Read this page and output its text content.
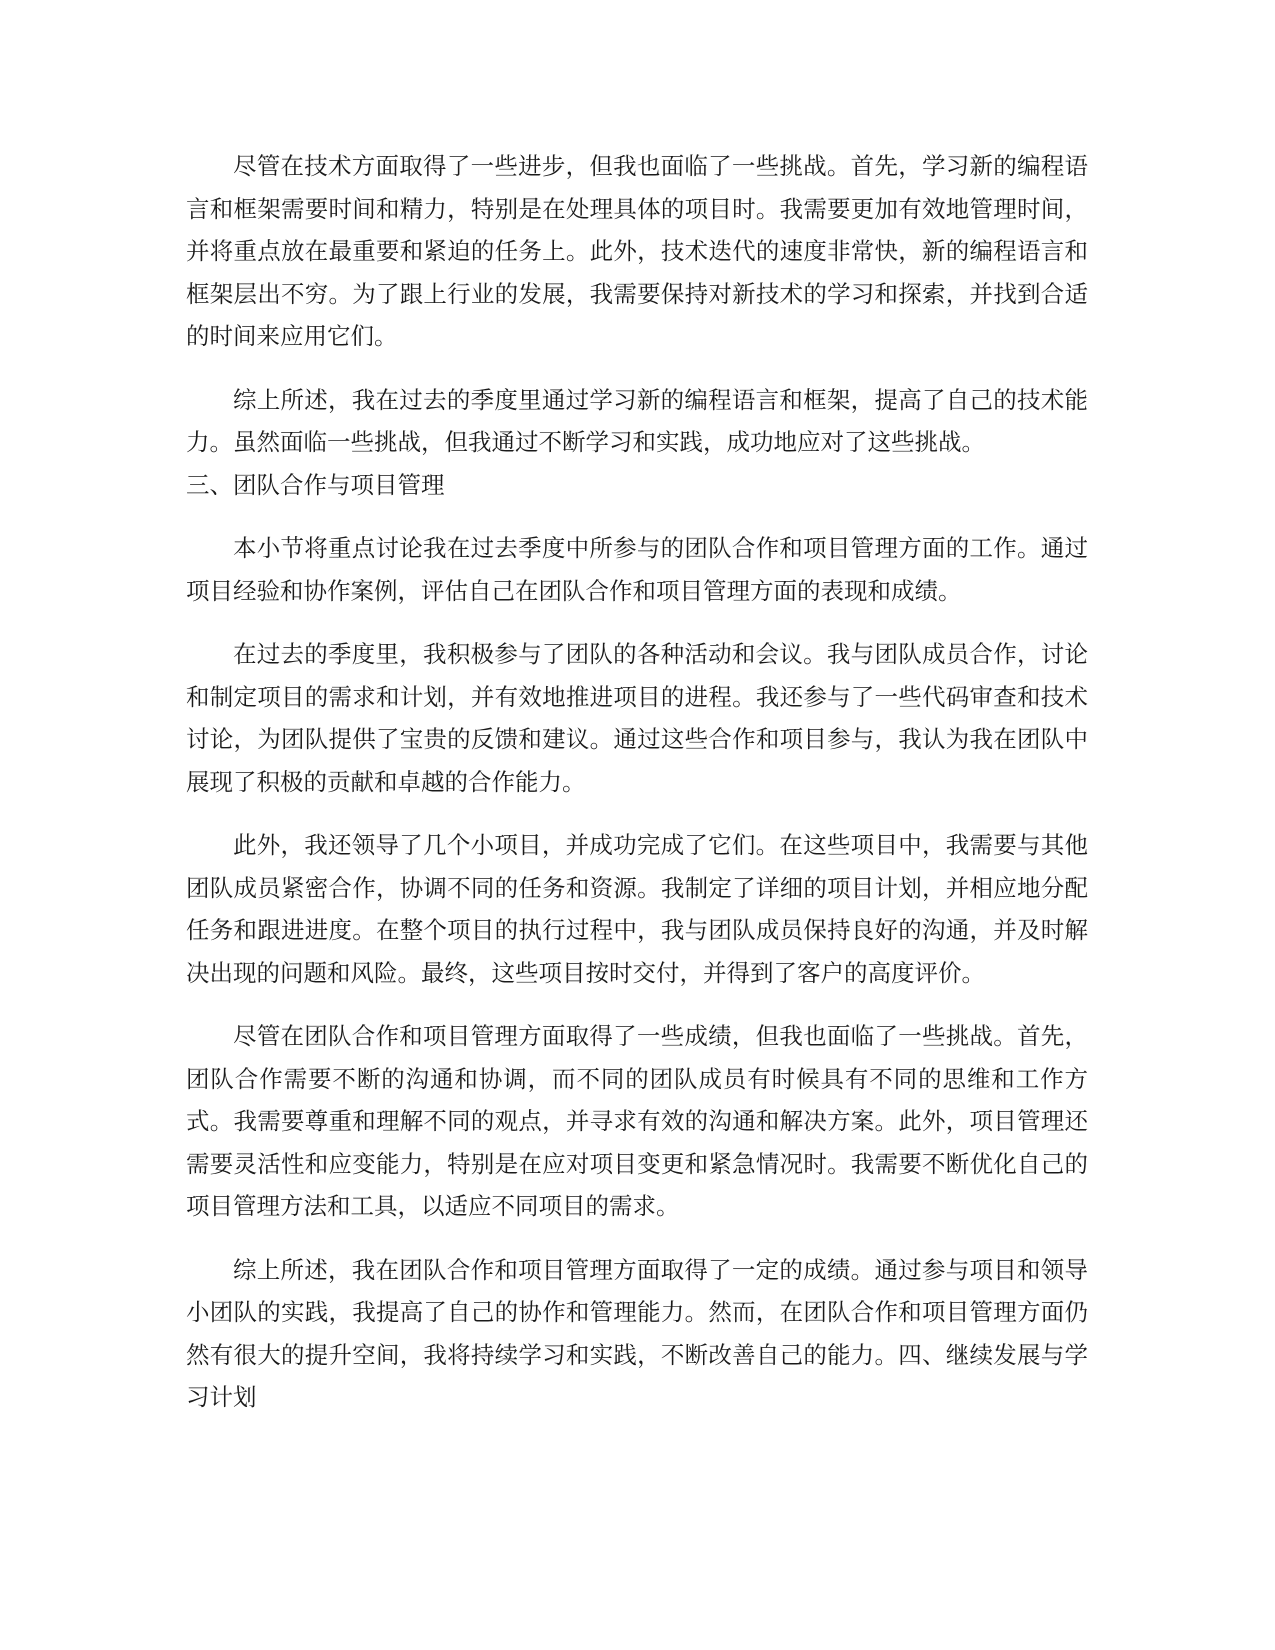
尽管在技术方面取得了一些进步，但我也面临了一些挑战。首先，学习新的编程语言和框架需要时间和精力，特别是在处理具体的项目时。我需要更加有效地管理时间，并将重点放在最重要和紧迫的任务上。此外，技术迭代的速度非常快，新的编程语言和框架层出不穷。为了跟上行业的发展，我需要保持对新技术的学习和探索，并找到合适的时间来应用它们。

综上所述，我在过去的季度里通过学习新的编程语言和框架，提高了自己的技术能力。虽然面临一些挑战，但我通过不断学习和实践，成功地应对了这些挑战。

三、团队合作与项目管理

本小节将重点讨论我在过去季度中所参与的团队合作和项目管理方面的工作。通过项目经验和协作案例，评估自己在团队合作和项目管理方面的表现和成绩。

在过去的季度里，我积极参与了团队的各种活动和会议。我与团队成员合作，讨论和制定项目的需求和计划，并有效地推进项目的进程。我还参与了一些代码审查和技术讨论，为团队提供了宝贵的反馈和建议。通过这些合作和项目参与，我认为我在团队中展现了积极的贡献和卓越的合作能力。

此外，我还领导了几个小项目，并成功完成了它们。在这些项目中，我需要与其他团队成员紧密合作，协调不同的任务和资源。我制定了详细的项目计划，并相应地分配任务和跟进进度。在整个项目的执行过程中，我与团队成员保持良好的沟通，并及时解决出现的问题和风险。最终，这些项目按时交付，并得到了客户的高度评价。

尽管在团队合作和项目管理方面取得了一些成绩，但我也面临了一些挑战。首先，团队合作需要不断的沟通和协调，而不同的团队成员有时候具有不同的思维和工作方式。我需要尊重和理解不同的观点，并寻求有效的沟通和解决方案。此外，项目管理还需要灵活性和应变能力，特别是在应对项目变更和紧急情况时。我需要不断优化自己的项目管理方法和工具，以适应不同项目的需求。

综上所述，我在团队合作和项目管理方面取得了一定的成绩。通过参与项目和领导小团队的实践，我提高了自己的协作和管理能力。然而，在团队合作和项目管理方面仍然有很大的提升空间，我将持续学习和实践，不断改善自己的能力。四、继续发展与学习计划
